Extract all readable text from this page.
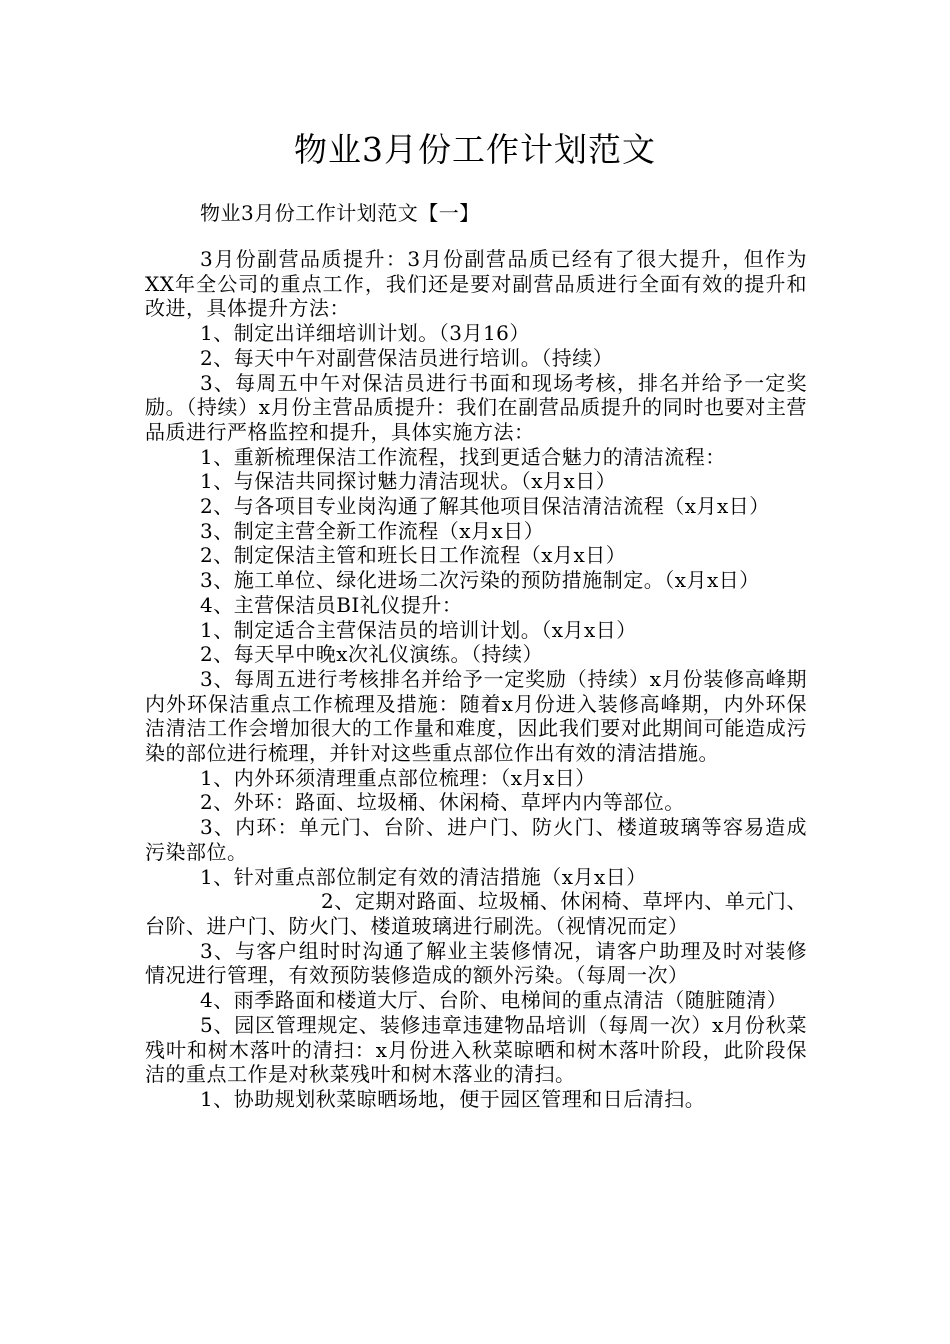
物业3月份工作计划范文
物业3月份工作计划范文【一】

3月份副营品质提升：3月份副营品质已经有了很大提升，但作为XX年全公司的重点工作，我们还是要对副营品质进行全面有效的提升和改进，具体提升方法：

1、制定出详细培训计划。（3月16）

2、每天中午对副营保洁员进行培训。（持续）

3、每周五中午对保洁员进行书面和现场考核，排名并给予一定奖励。（持续）x月份主营品质提升：我们在副营品质提升的同时也要对主营品质进行严格监控和提升，具体实施方法：

1、重新梳理保洁工作流程，找到更适合魅力的清洁流程：

1、与保洁共同探讨魅力清洁现状。（x月x日）

2、与各项目专业岗沟通了解其他项目保洁清洁流程（x月x日）

3、制定主营全新工作流程（x月x日）

2、制定保洁主管和班长日工作流程（x月x日）

3、施工单位、绿化进场二次污染的预防措施制定。（x月x日）

4、主营保洁员BI礼仪提升：

1、制定适合主营保洁员的培训计划。（x月x日）

2、每天早中晚x次礼仪演练。（持续）

3、每周五进行考核排名并给予一定奖励（持续）x月份装修高峰期内外环保洁重点工作梳理及措施：随着x月份进入装修高峰期，内外环保洁清洁工作会增加很大的工作量和难度，因此我们要对此期间可能造成污染的部位进行梳理，并针对这些重点部位作出有效的清洁措施。

1、内外环须清理重点部位梳理：（x月x日）

2、外环：路面、垃圾桶、休闲椅、草坪内内等部位。

3、内环：单元门、台阶、进户门、防火门、楼道玻璃等容易造成污染部位。

1、针对重点部位制定有效的清洁措施（x月x日）

2、定期对路面、垃圾桶、休闲椅、草坪内、单元门、台阶、进户门、防火门、楼道玻璃进行刷洗。（视情况而定）

3、与客户组时时沟通了解业主装修情况，请客户助理及时对装修情况进行管理，有效预防装修造成的额外污染。（每周一次）

4、雨季路面和楼道大厅、台阶、电梯间的重点清洁（随脏随清）

5、园区管理规定、装修违章违建物品培训（每周一次）x月份秋菜残叶和树木落叶的清扫：x月份进入秋菜晾晒和树木落叶阶段，此阶段保洁的重点工作是对秋菜残叶和树木落业的清扫。

1、协助规划秋菜晾晒场地，便于园区管理和日后清扫。
